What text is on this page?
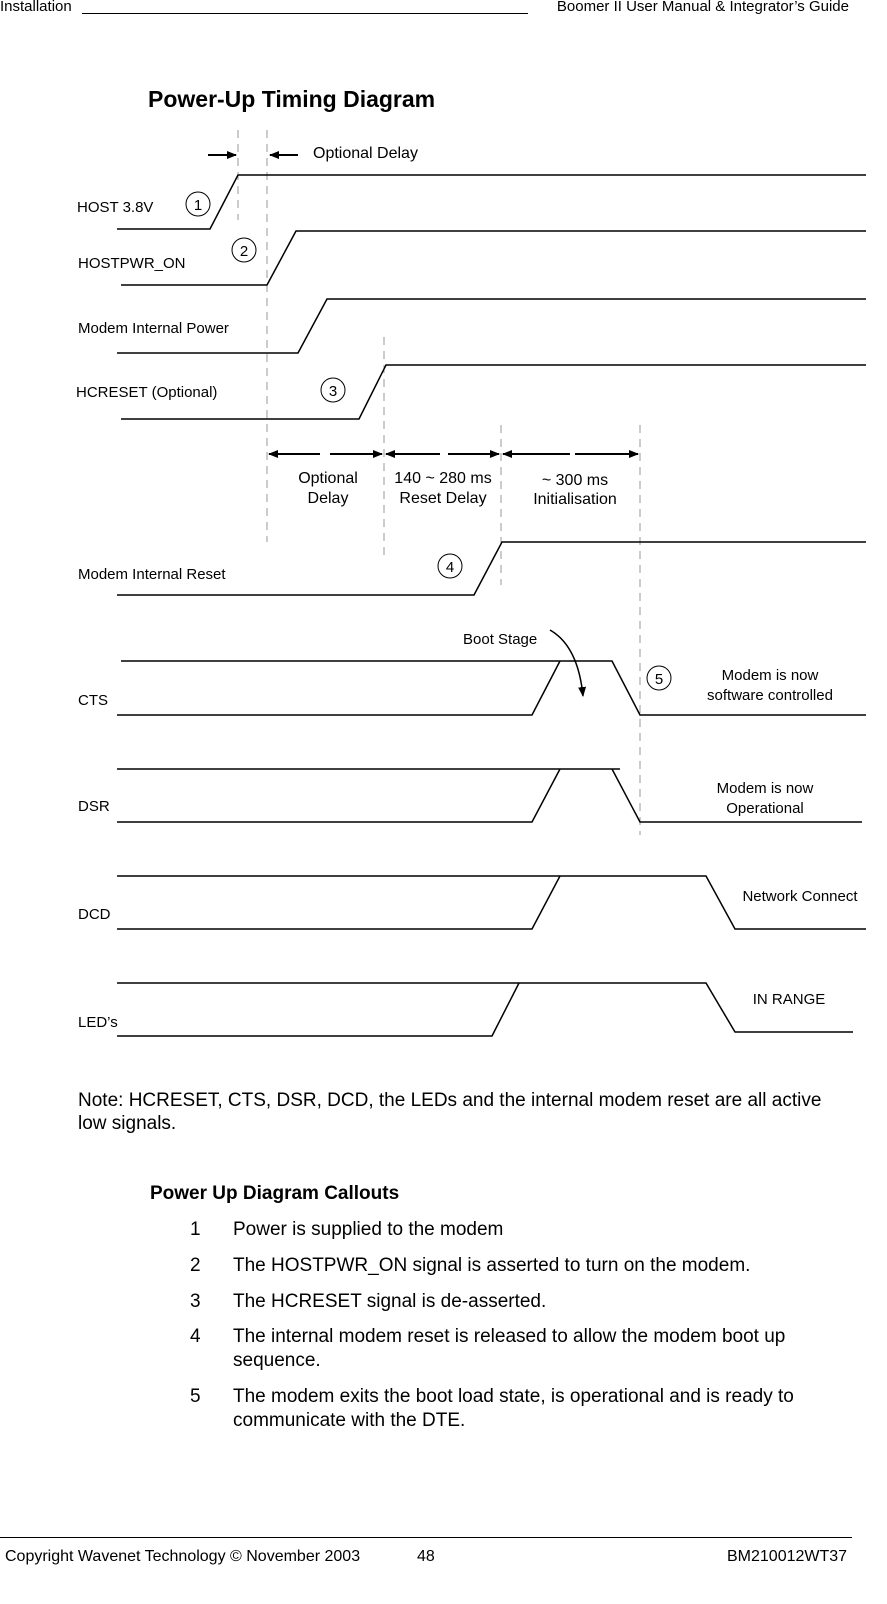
Installation	Boomer II User Manual & Integrator’s Guide
Power-Up Timing Diagram
Optional Delay
HOST 3.8V
HOSTPWR_ON
Modem Internal Power
HCRESET (Optional)
Modem Internal Reset
CTS
DSR
DCD
LED’s
1
2
3
4
5
Optional
Delay
140 ~ 280 ms
Reset Delay
~ 300 ms
Initialisation
Boot Stage
Modem is now
software controlled
Modem is now
Operational
Network Connect
IN RANGE
Note: HCRESET, CTS, DSR, DCD, the LEDs and the internal modem reset are all active low signals.
Power Up Diagram Callouts
1 Power is supplied to the modem
2 The HOSTPWR_ON signal is asserted to turn on the modem.
3 The HCRESET signal is de-asserted.
4 The internal modem reset is released to allow the modem boot up sequence.
5 The modem exits the boot load state, is operational and is ready to communicate with the DTE.
Copyright Wavenet Technology © November 2003	48	BM210012WT37
